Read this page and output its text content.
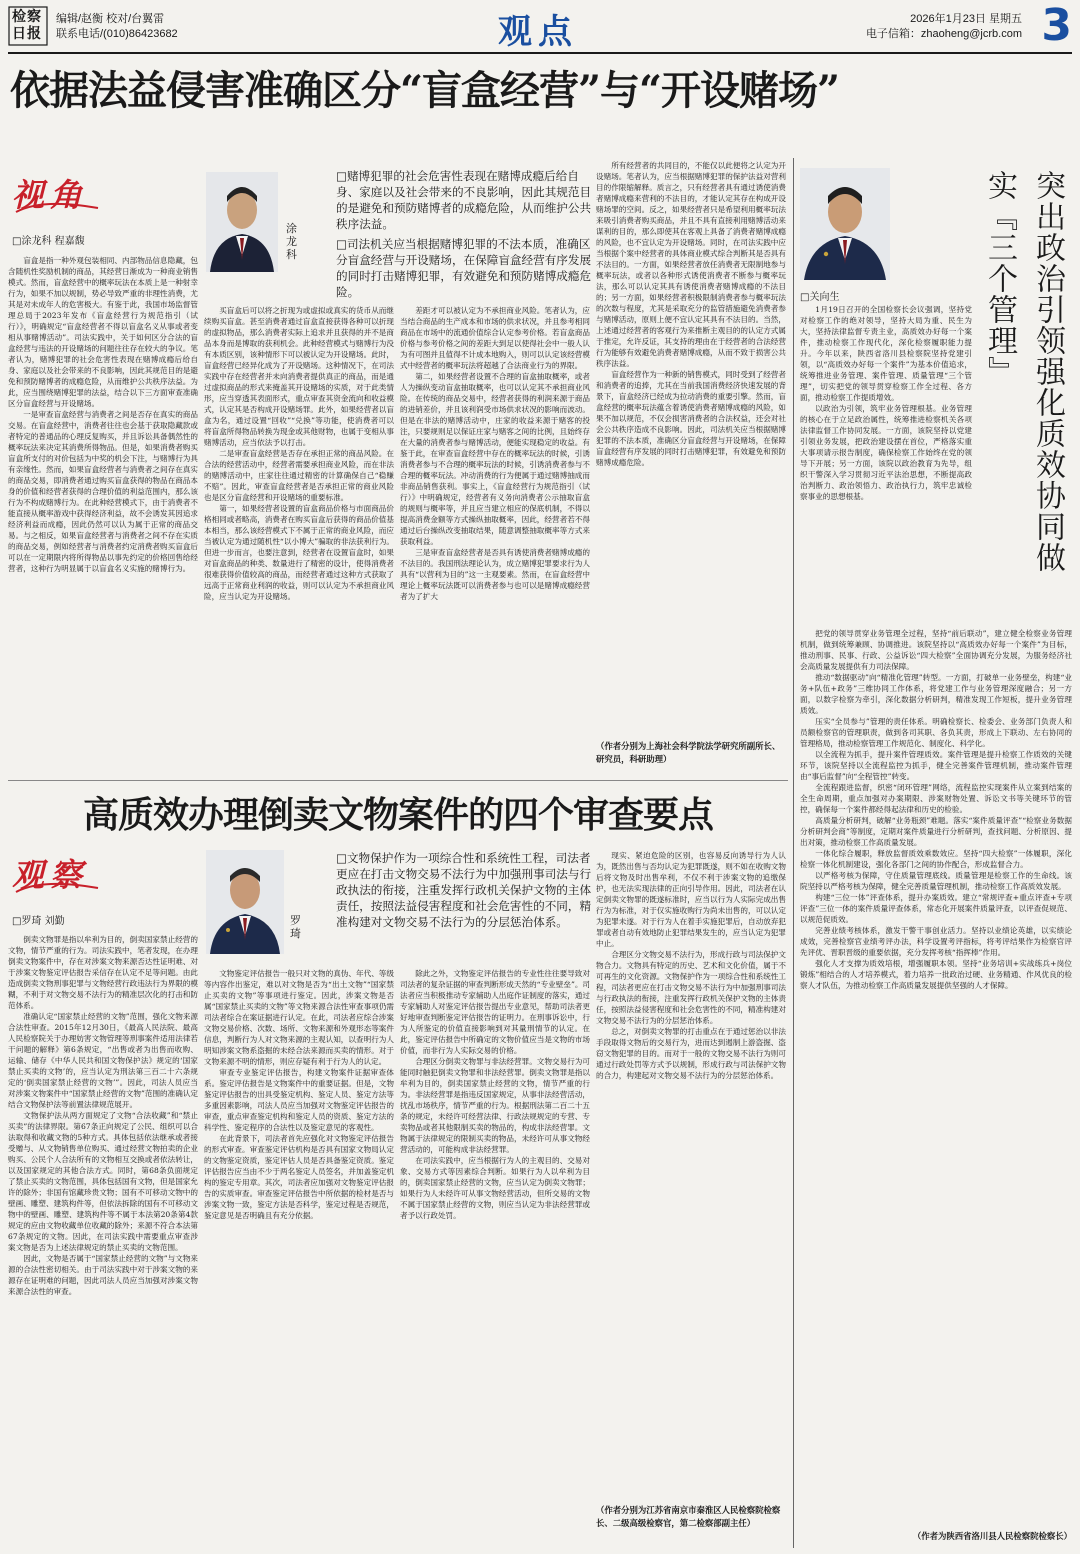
检察日报
编辑/赵衡 校对/台翼雷
联系电话/(010)86423682	观点	2026年1月23日 星期五
电子信箱：zhaoheng@jcrb.com 3
依据法益侵害准确区分“盲盒经营”与“开设赌场”
视角
□涂龙科 程嘉馥
涂龙科

□赌博犯罪的社会危害性表现在赌博成瘾后给自身、家庭以及社会带来的不良影响，因此其规范目的是避免和预防赌博者的成瘾危险，从而维护公共秩序法益。

□司法机关应当根据赌博犯罪的不法本质，准确区分盲盒经营与开设赌场，在保障盲盒经营有序发展的同时打击赌博犯罪，有效避免和预防赌博成瘾危险。

盲盒是指一种外观包装相同、内部物品信息隐藏，包含随机性奖励机制的商品，其经营日渐成为一种商业销售模式。然而，盲盒经营中的概率玩法在本质上是一种射幸行为，如果不加以规制，势必导致严重的非理性消费，尤其是对未成年人的危害极大。有鉴于此，我国市场监督管理总局于2023年发布《盲盒经营行为规范指引（试行）》，明确规定“盲盒经营者不得以盲盒名义从事或者变相从事赌博活动”。司法实践中，关于如何区分合法的盲盒经营与违法的开设赌场的问题往往存在较大的争议。笔者认为，赌博犯罪的社会危害性表现在赌博成瘾后给自身、家庭以及社会带来的不良影响，因此其规范目的是避免和预防赌博者的成瘾危险，从而维护公共秩序法益。为此，应当围绕赌博犯罪的法益，结合以下三方面审查准确区分盲盒经营与开设赌场。

一是审查盲盒经营与消费者之间是否存在真实的商品交易。在盲盒经营中，消费者往往也会基于获取隐藏款或者特定的普通品的心理反复购买，并且诉讼具备偶然性的概率玩法来决定其消费所得物品。但是，如果消费者购买盲盒所支付的对价包括为中奖的机会下注，与赌博行为具有亲缘性。然而，如果盲盒经营者与消费者之间存在真实的商品交易，即消费者通过购买盲盒获得的物品在商品本身的价值和经营者获得的合理价值的利益范围内，那么该行为不构成赌博行为。在此种经营模式下，由于消费者不能直接从概率游戏中获得经济利益，故不会诱发其因追求经济利益而成瘾，因此仍然可以认为属于正常的商品交易。与之相反，如果盲盒经营者与消费者之间不存在实质的商品交易，例如经营者与消费者约定消费者购买盲盒后可以在一定期限内将所得物品以事先约定的价格回售给经营者，这种行为明显属于以盲盒名义实施的赌博行为。

买盲盒后可以将之折现为或虚拟或真实的货币从而继续购买盲盒。甚至消费者通过盲盒直接获得各种可以折现的虚拟物品，那么消费者实际上追求并且获得的并不是商品本身而是博取的获利机会。此种经营模式与赌博行为没有本质区别，该种情形下可以被认定为开设赌场。此时，盲盒经营已经异化成为了开设赌场。这种情况下，在司法实践中存在经营者并未向消费者提供真正的商品，而是通过虚拟商品的形式来掩盖其开设赌场的实质，对于此类情形，应当穿透其表面形式，重点审查其资金流向和收益模式，认定其是否构成开设赌场罪。此外，如果经营者以盲盒为名，通过设置“回收”“兑换”等功能，使消费者可以将盲盒所得物品转换为现金或其他财物，也属于变相从事赌博活动，应当依法予以打击。

二是审查盲盒经营是否存在承担正常的商品风险。在合法的经营活动中，经营者需要承担商业风险，而在非法的赌博活动中，庄家往往通过精密的计算确保自己“稳赚不赔”。因此，审查盲盒经营者是否承担正常的商业风险也是区分盲盒经营和开设赌场的重要标准。

第一，如果经营者设置的盲盒商品价格与市面商品价格相同或者略高，消费者在购买盲盒后获得的商品价值基本相当，那么该经营模式下不属于正常的商业风险，而应当被认定为通过随机性“以小博大”骗取的非法获利行为。但进一步而言，也要注意到，经营者在设置盲盒时，如果对盲盒商品的种类、数量进行了精密的设计，使得消费者很难获得价值较高的商品，而经营者通过这种方式获取了远高于正常商业利润的收益，则可以认定为不承担商业风险，应当认定为开设赌场。

差距才可以被认定为不承担商业风险。笔者认为，应当结合商品的生产成本和市场的供求状况，并且参考相同商品在市场中的流通价值综合认定参考价格。若盲盒商品价格与参考价格之间的差距大到足以使得社会中一般人认为有可图并且值得不计成本地购入，则可以认定该经营模式中经营者的概率玩法将超越了合法商业行为的界限。

第二，如果经营者设置不合理的盲盒抽取概率，或者人为操纵变动盲盒抽取概率，也可以认定其不承担商业风险。在传统的商品交易中，经营者获得的利润来源于商品的进销差价，并且该利润受市场供求状况的影响而波动。但是在非法的赌博活动中，庄家的收益来源于赌客的投注，只要规则足以保证庄家与赌客之间的比例，且始终存在大量的消费者参与赌博活动，便能实现稳定的收益。有鉴于此，在审查盲盒经营中存在的概率玩法的时候，引诱消费者参与不合理的概率玩法的时候，引诱消费者参与不合理的概率玩法。冲动消费的行为便属于通过赌博抽成而非商品销售获利。事实上，《盲盒经营行为规范指引（试行）》中明确规定，经营者有义务向消费者公示抽取盲盒的规则与概率等，并且应当建立相应的保底机制，不得以提高消费金额等方式操纵抽取概率，因此，经营者若不得通过后台操纵改变抽取结果，随意调整抽取概率等方式来获取利益。

三是审查盲盒经营者是否具有诱使消费者赌博成瘾的不法目的。我国刑法理论认为，成立赌博犯罪要求行为人具有“以营利为目的”这一主观要素。然而，在盲盒经营中理论上概率玩法既可以消费者参与也可以是赌博成瘾经营者为了扩大

所有经营者的共同目的，不能仅以此便将之认定为开设赌场。笔者认为，应当根据赌博犯罪的保护法益对营利目的作限缩解释。质言之，只有经营者具有通过诱使消费者赌博成瘾来营利的不法目的，才能认定其存在构成开设赌场罪的空间。反之，如果经营者只是希望利用概率玩法来吸引消费者购买商品，并且不具有直接利用赌博活动来谋利的目的，那么即使其在客观上具备了消费者赌博成瘾的风险，也不宜认定为开设赌场。同时，在司法实践中应当根据个案中经营者的具体商业模式综合判断其是否具有不法目的。一方面，如果经营者放任消费者无限制地参与概率玩法，或者以各种形式诱使消费者不断参与概率玩法，那么可以认定其具有诱使消费者赌博成瘾的不法目的；另一方面，如果经营者积极限制消费者参与概率玩法的次数与程度，尤其是采取充分的监管措施避免消费者参与赌博活动，原则上便不宜认定其具有不法目的。当然，上述通过经营者的客观行为来推断主观目的的认定方式属于推定，允许反证，其支持的理由在于经营者的合法经营行为能够有效避免消费者赌博成瘾，从而不致于损害公共秩序法益。

盲盒经营作为一种新的销售模式，同时受到了经营者和消费者的追捧，尤其在当前我国消费经济快速发展的背景下，盲盒经济已经成为拉动消费的重要引擎。然而，盲盒经营的概率玩法蕴含着诱使消费者赌博成瘾的风险，如果不加以规范，不仅会损害消费者的合法权益，还会对社会公共秩序造成不良影响。因此，司法机关应当根据赌博犯罪的不法本质，准确区分盲盒经营与开设赌场，在保障盲盒经营有序发展的同时打击赌博犯罪，有效避免和预防赌博成瘾危险。

（作者分别为上海社会科学院法学研究所副所长、研究员，科研助理）
高质效办理倒卖文物案件的四个审查要点
观察
□罗琦 刘勤	罗琦

□文物保护作为一项综合性和系统性工程，司法者更应在打击文物交易不法行为中加强刑事司法与行政执法的衔接，注重发挥行政机关保护文物的主体责任，按照法益侵害程度和社会危害性的不同，精准构建对文物交易不法行为的分层惩治体系。

倒卖文物罪是指以牟利为目的，倒卖国家禁止经营的文物，情节严重的行为。司法实践中，笔者发现，在办理倒卖文物案件中，存在对涉案文物来源否达性证明难、对于涉案文物鉴定评估报告采信存在认定不足等问题。由此造成倒卖文物刑事犯罪与文物经营行政违法行为界限的模糊，不利于对文物交易不法行为的精准层次化的打击和防范体系。

准确认定“国家禁止经营的文物”范围，强化文物来源合法性审查。2015年12月30日，《最高人民法院、最高人民检察院关于办理妨害文物管理等刑事案件适用法律若干问题的解释》第6条规定，“出售或者为出售而收购、运输、储存《中华人民共和国文物保护法》规定的‘国家禁止买卖的文物’的，应当认定为刑法第三百二十六条规定的‘倒卖国家禁止经营的文物’”。因此，司法人员应当对涉案文物案件中“国家禁止经营的文物”范围的准确认定结合文物保护法等前置法律规范展开。

文物保护法从两方面规定了文物“合法收藏”和“禁止买卖”的法律界限。第67条正向规定了公民、组织可以合法取得和收藏文物的5种方式。具体包括依法继承或者接受赠与、从文物销售单位购买、通过经营文物拍卖的企业购买、公民个人合法所有的文物相互交换或者依法转让，以及国家规定的其他合法方式。同时，第68条负面规定了禁止买卖的文物范围，具体包括国有文物，但是国家允许的除外；非国有馆藏珍贵文物；国有不可移动文物中的壁画、雕塑、建筑构件等，但依法拆除的国有不可移动文物中的壁画、雕塑、建筑构件等不属于本法第20条第4款规定的应由文物收藏单位收藏的除外；来源不符合本法第67条规定的文物。因此，在司法实践中需要重点审查涉案文物是否为上述法律规定的禁止买卖的文物范围。

因此，文物是否属于“国家禁止经营的文物”与文物来源的合法性密切相关。由于司法实践中对于涉案文物的来源存在证明难的问题，因此司法人员应当加强对涉案文物来源合法性的审查。

文物鉴定评估报告一般只对文物的真伪、年代、等级等内容作出鉴定，难以对文物是否为“出土文物”“国家禁止买卖的文物”等事项进行鉴定。因此，涉案文物是否属“国家禁止买卖的文物”等文物来源合法性审查事项仍需司法者综合在案证据进行认定。在此，司法者应综合涉案文物交易价格、次数、场所、文物来源和外观形态等案件信息，判断行为人对文物来源的主观认知，以查明行为人明知涉案文物系盗掘的未经合法来源而买卖的情形。对于文物来源不明的情形，则应存疑有利于行为人的认定。

审查专业鉴定评估报告，构建文物案件证据审查体系。鉴定评估报告是文物案件中的重要证据。但是，文物鉴定评估报告的出具受鉴定机构、鉴定人员、鉴定方法等多重因素影响，司法人员应当加强对文物鉴定评估报告的审查，重点审查鉴定机构和鉴定人员的资质、鉴定方法的科学性、鉴定程序的合法性以及鉴定意见的客观性。

在此背景下，司法者首先应强化对文物鉴定评估报告的形式审查。审查鉴定评估机构是否具有国家文物局认定的文物鉴定资质，鉴定评估人员是否具备鉴定资质。鉴定评估报告应当由不少于两名鉴定人员签名，并加盖鉴定机构的鉴定专用章。其次，司法者应加强对文物鉴定评估报告的实质审查。审查鉴定评估报告中所依据的检材是否与涉案文物一致，鉴定方法是否科学，鉴定过程是否规范，鉴定意见是否明确且有充分依据。

除此之外，文物鉴定评估报告的专业性往往要导致对司法者的复杂证据的审查判断形成天然的“专业壁垒”。司法者应当积极推动专家辅助人出庭作证制度的落实，通过专家辅助人对鉴定评估报告提出专业意见，帮助司法者更好地审查判断鉴定评估报告的证明力。在刑事诉讼中，行为人所鉴定的价值直接影响到对其量刑情节的认定。在此，鉴定评估报告中所确定的文物价值应当是文物的市场价值，而非行为人实际交易的价格。

合理区分倒卖文物罪与非法经营罪。文物交易行为可能同时触犯倒卖文物罪和非法经营罪。倒卖文物罪是指以牟利为目的，倒卖国家禁止经营的文物，情节严重的行为。非法经营罪是指违反国家规定，从事非法经营活动，扰乱市场秩序，情节严重的行为。根据刑法第二百二十五条的规定，未经许可经营法律、行政法规规定的专营、专卖物品或者其他限制买卖的物品的，构成非法经营罪。文物属于法律规定的限制买卖的物品，未经许可从事文物经营活动的，可能构成非法经营罪。

在司法实践中，应当根据行为人的主观目的、交易对象、交易方式等因素综合判断。如果行为人以牟利为目的，倒卖国家禁止经营的文物，应当认定为倒卖文物罪；如果行为人未经许可从事文物经营活动，但所交易的文物不属于国家禁止经营的文物，则应当认定为非法经营罪或者予以行政处罚。

现实、紧迫危险的区别，也容易反向诱导行为人认为，既然出售与否均认定为犯罪既遂，则不如在收购文物后将文物及时出售牟利，不仅不利于涉案文物的追缴保护，也无法实现法律的正向引导作用。因此，司法者在认定倒卖文物罪的既遂标准时，应当以行为人实际完成出售行为为标准，对于仅实施收购行为尚未出售的，可以认定为犯罪未遂。对于行为人在着手实施犯罪后，自动放弃犯罪或者自动有效地防止犯罪结果发生的，应当认定为犯罪中止。

合理区分文物交易不法行为，形成行政与司法保护文物合力。文物具有特定的历史、艺术和文化价值，属于不可再生的文化资源。文物保护作为一项综合性和系统性工程，司法者更应在打击文物交易不法行为中加强刑事司法与行政执法的衔接，注重发挥行政机关保护文物的主体责任，按照法益侵害程度和社会危害性的不同，精准构建对文物交易不法行为的分层惩治体系。

总之，对倒卖文物罪的打击重点在于通过惩治以非法手段取得文物后的交易行为，进而达到遏制上游盗掘、盗窃文物犯罪的目的。而对于一般的文物交易不法行为则可通过行政处罚等方式予以规制，形成行政与司法保护文物的合力，构建起对文物交易不法行为的分层惩治体系。

（作者分别为江苏省南京市秦淮区人民检察院检察长、二级高级检察官，第二检察部副主任）
突出政治引领强化质效协同做实『三个管理』
□关向生

1月19日召开的全国检察长会议强调，坚持党对检察工作的绝对领导，坚持大局为重、民生为大，坚持法律监督专责主业，高质效办好每一个案件，推动检察工作现代化，深化检察履职能力提升。今年以来，陕西省洛川县检察院坚持党建引领，以“高质效办好每一个案件”为基本价值追求，统筹推进业务管理、案件管理、质量管理“三个管理”，切实把党的领导贯穿检察工作全过程、各方面，推动检察工作提质增效。

以政治为引领，筑牢业务管理根基。业务管理的核心在于立足政治属性，统筹推进检察机关各项法律监督工作协同发展。一方面，该院坚持以党建引领业务发展，把政治建设摆在首位，严格落实重大事项请示报告制度，确保检察工作始终在党的领导下开展；另一方面，该院以政治教育为先导，组织干警深入学习贯彻习近平法治思想，不断提高政治判断力、政治领悟力、政治执行力，筑牢忠诚检察事业的思想根基。

把党的领导贯穿业务管理全过程，坚持“前后联动”，建立健全检察业务管理机制，做到统筹兼顾、协调推进。该院坚持以“高质效办好每一个案件”为目标，推动刑事、民事、行政、公益诉讼“四大检察”全面协调充分发展，为服务经济社会高质量发展提供有力司法保障。

推动“数据驱动”向“精准化管理”转型。一方面，打破单一业务壁垒，构建“业务+队伍+政务”三维协同工作体系，将党建工作与业务管理深度融合；另一方面，以数字检察为牵引，深化数据分析研判，精准发现工作短板，提升业务管理质效。

压实“全员参与”管理的责任体系。明确检察长、检委会、业务部门负责人和员额检察官的管理职责，做到各司其职、各负其责，形成上下联动、左右协同的管理格局，推动检察管理工作规范化、制度化、科学化。

以全流程为抓手，提升案件管理质效。案件管理是提升检察工作质效的关键环节，该院坚持以全流程监控为抓手，健全完善案件管理机制，推动案件管理由“事后监督”向“全程管控”转变。

全流程跟进监督，织密“闭环管理”网络，流程监控实现案件从立案到结案的全生命周期，重点加强对办案期限、涉案财物处置、诉讼文书等关键环节的管控，确保每一个案件都经得起法律和历史的检验。

高质量分析研判，破解“业务瓶颈”难题。落实“案件质量评查”“检察业务数据分析研判会商”等制度，定期对案件质量进行分析研判，查找问题、分析原因、提出对策，推动检察工作高质量发展。

一体化综合履职，释放监督质效乘数效应。坚持“四大检察”一体履职，深化检察一体化机制建设，强化各部门之间的协作配合，形成监督合力。

以严格考核为保障，守住质量管理底线。质量管理是检察工作的生命线。该院坚持以严格考核为保障，健全完善质量管理机制，推动检察工作高质效发展。

构建“三位一体”评查体系，提升办案质效。建立“常规评查+重点评查+专项评查”三位一体的案件质量评查体系，常态化开展案件质量评查，以评查促规范、以规范促质效。

完善业绩考核体系，激发干警干事创业活力。坚持以业绩论英雄，以实绩论成效，完善检察官业绩考评办法，科学设置考评指标，将考评结果作为检察官评先评优、晋职晋级的重要依据，充分发挥考核“指挥棒”作用。

强化人才支撑为质效培根，增强履职本领。坚持“业务培训+实战练兵+岗位锻炼”相结合的人才培养模式，着力培养一批政治过硬、业务精通、作风优良的检察人才队伍，为推动检察工作高质量发展提供坚强的人才保障。

（作者为陕西省洛川县人民检察院检察长）
